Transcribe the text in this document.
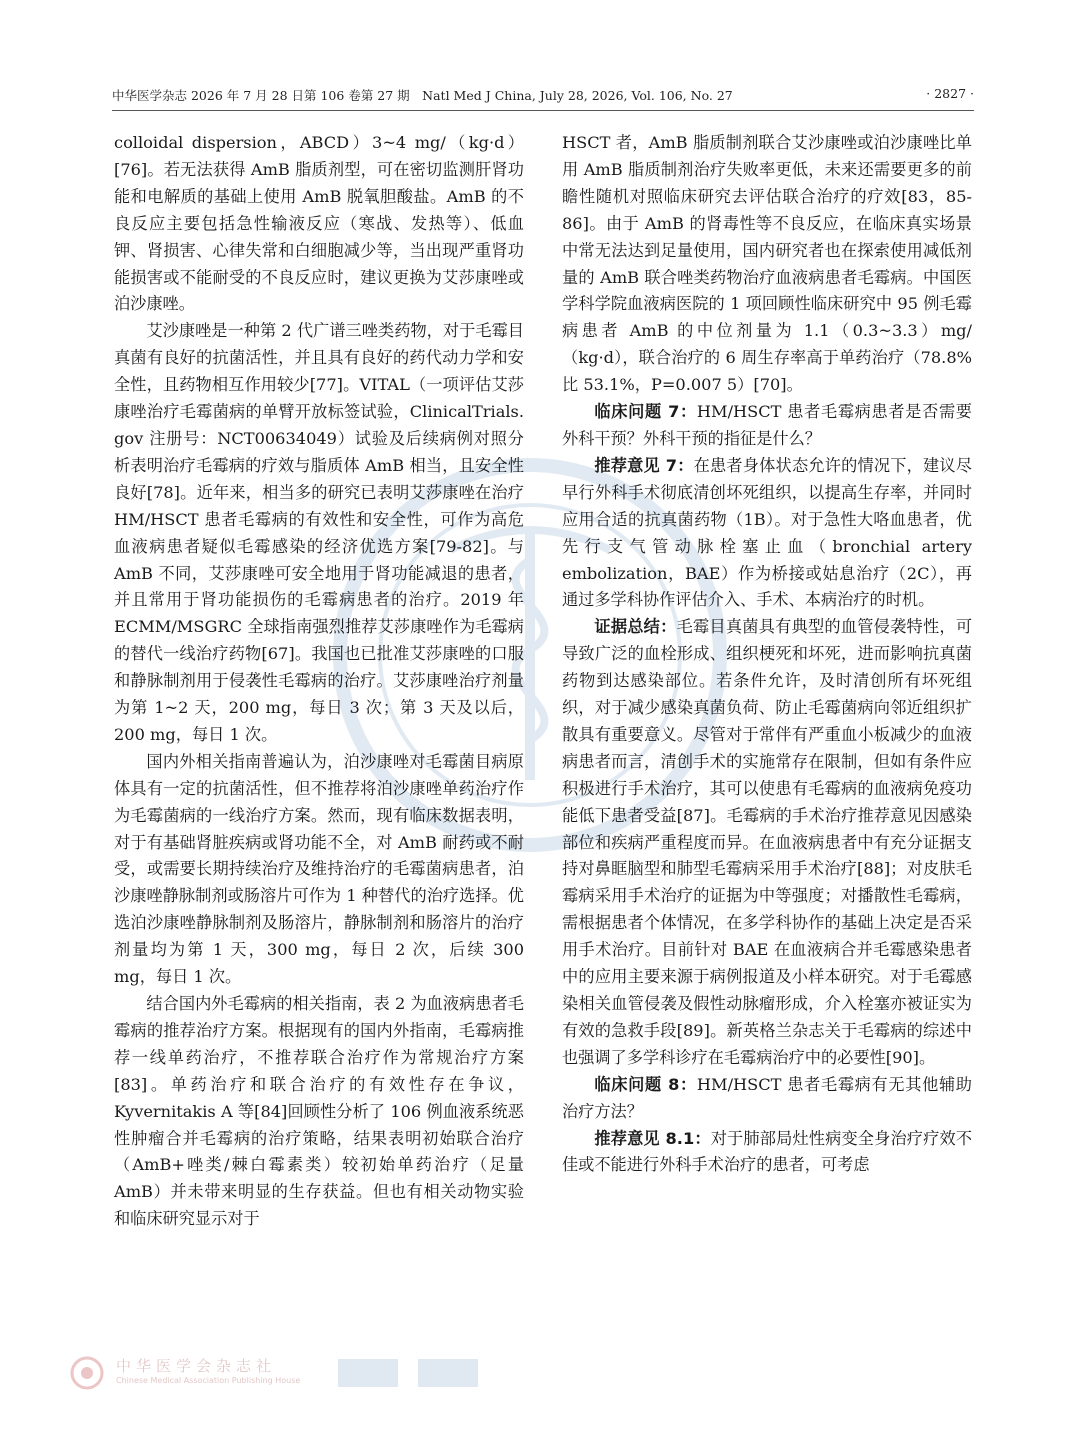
中华医学杂志 2026 年 7 月 28 日第 106 卷第 27 期　Natl Med J China, July 28, 2026, Vol. 106, No. 27	· 2827 ·

colloidal dispersion，ABCD）3~4 mg/（kg·d）[76]。若无法获得 AmB 脂质剂型，可在密切监测肝肾功能和电解质的基础上使用 AmB 脱氧胆酸盐。AmB 的不良反应主要包括急性输液反应（寒战、发热等）、低血钾、肾损害、心律失常和白细胞减少等，当出现严重肾功能损害或不能耐受的不良反应时，建议更换为艾莎康唑或泊沙康唑。

艾沙康唑是一种第 2 代广谱三唑类药物，对于毛霉目真菌有良好的抗菌活性，并且具有良好的药代动力学和安全性，且药物相互作用较少[77]。VITAL（一项评估艾莎康唑治疗毛霉菌病的单臂开放标签试验，ClinicalTrials. gov 注册号：NCT00634049）试验及后续病例对照分析表明治疗毛霉病的疗效与脂质体 AmB 相当，且安全性良好[78]。近年来，相当多的研究已表明艾莎康唑在治疗 HM/HSCT 患者毛霉病的有效性和安全性，可作为高危血液病患者疑似毛霉感染的经济优选方案[79-82]。与 AmB 不同，艾莎康唑可安全地用于肾功能减退的患者，并且常用于肾功能损伤的毛霉病患者的治疗。2019 年 ECMM/MSGRC 全球指南强烈推荐艾莎康唑作为毛霉病的替代一线治疗药物[67]。我国也已批准艾莎康唑的口服和静脉制剂用于侵袭性毛霉病的治疗。艾莎康唑治疗剂量为第 1~2 天，200 mg，每日 3 次；第 3 天及以后，200 mg，每日 1 次。

国内外相关指南普遍认为，泊沙康唑对毛霉菌目病原体具有一定的抗菌活性，但不推荐将泊沙康唑单药治疗作为毛霉菌病的一线治疗方案。然而，现有临床数据表明，对于有基础肾脏疾病或肾功能不全，对 AmB 耐药或不耐受，或需要长期持续治疗及维持治疗的毛霉菌病患者，泊沙康唑静脉制剂或肠溶片可作为 1 种替代的治疗选择。优选泊沙康唑静脉制剂及肠溶片，静脉制剂和肠溶片的治疗剂量均为第 1 天，300 mg，每日 2 次，后续 300 mg，每日 1 次。

结合国内外毛霉病的相关指南，表 2 为血液病患者毛霉病的推荐治疗方案。根据现有的国内外指南，毛霉病推荐一线单药治疗，不推荐联合治疗作为常规治疗方案[83]。单药治疗和联合治疗的有效性存在争议，Kyvernitakis A 等[84]回顾性分析了 106 例血液系统恶性肿瘤合并毛霉病的治疗策略，结果表明初始联合治疗（AmB+唑类/棘白霉素类）较初始单药治疗（足量 AmB）并未带来明显的生存获益。但也有相关动物实验和临床研究显示对于

HSCT 者，AmB 脂质制剂联合艾沙康唑或泊沙康唑比单用 AmB 脂质制剂治疗失败率更低，未来还需要更多的前瞻性随机对照临床研究去评估联合治疗的疗效[83，85-86]。由于 AmB 的肾毒性等不良反应，在临床真实场景中常无法达到足量使用，国内研究者也在探索使用减低剂量的 AmB 联合唑类药物治疗血液病患者毛霉病。中国医学科学院血液病医院的 1 项回顾性临床研究中 95 例毛霉病患者 AmB 的中位剂量为 1.1（0.3~3.3）mg/（kg·d），联合治疗的 6 周生存率高于单药治疗（78.8% 比 53.1%，P=0.007 5）[70]。

临床问题 7：HM/HSCT 患者毛霉病患者是否需要外科干预？外科干预的指征是什么？

推荐意见 7：在患者身体状态允许的情况下，建议尽早行外科手术彻底清创坏死组织，以提高生存率，并同时应用合适的抗真菌药物（1B）。对于急性大咯血患者，优先行支气管动脉栓塞止血（bronchial artery embolization，BAE）作为桥接或姑息治疗（2C），再通过多学科协作评估介入、手术、本病治疗的时机。

证据总结：毛霉目真菌具有典型的血管侵袭特性，可导致广泛的血栓形成、组织梗死和坏死，进而影响抗真菌药物到达感染部位。若条件允许，及时清创所有坏死组织，对于减少感染真菌负荷、防止毛霉菌病向邻近组织扩散具有重要意义。尽管对于常伴有严重血小板减少的血液病患者而言，清创手术的实施常存在限制，但如有条件应积极进行手术治疗，其可以使患有毛霉病的血液病免疫功能低下患者受益[87]。毛霉病的手术治疗推荐意见因感染部位和疾病严重程度而异。在血液病患者中有充分证据支持对鼻眶脑型和肺型毛霉病采用手术治疗[88]；对皮肤毛霉病采用手术治疗的证据为中等强度；对播散性毛霉病，需根据患者个体情况，在多学科协作的基础上决定是否采用手术治疗。目前针对 BAE 在血液病合并毛霉感染患者中的应用主要来源于病例报道及小样本研究。对于毛霉感染相关血管侵袭及假性动脉瘤形成，介入栓塞亦被证实为有效的急救手段[89]。新英格兰杂志关于毛霉病的综述中也强调了多学科诊疗在毛霉病治疗中的必要性[90]。

临床问题 8：HM/HSCT 患者毛霉病有无其他辅助治疗方法？

推荐意见 8.1：对于肺部局灶性病变全身治疗疗效不佳或不能进行外科手术治疗的患者，可考虑

中华医学会杂志社
Chinese Medical Association Publishing House
